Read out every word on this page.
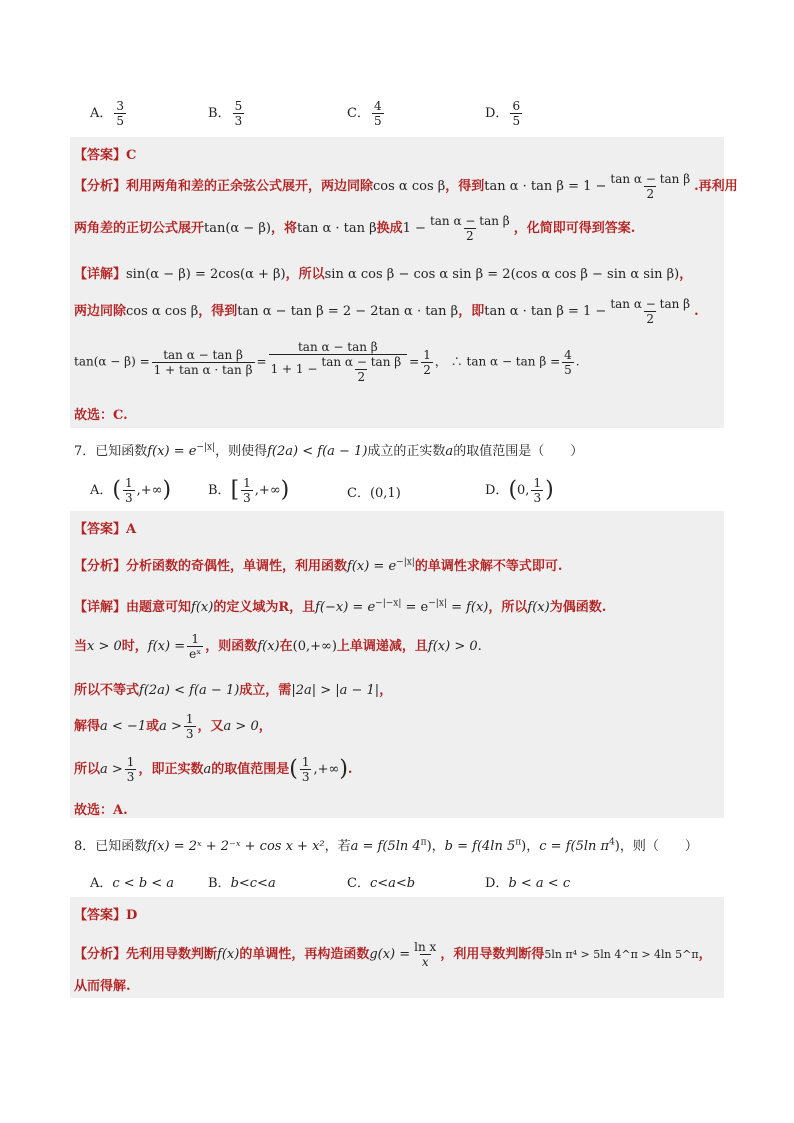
A． $\frac{3}{5}$	B． $\frac{5}{3}$	C． $\frac{4}{5}$	D． $\frac{6}{5}$
【答案】C
【分析】利用两角和差的正余弦公式展开，两边同除cos α cos β，得到$\tan \alpha \cdot \tan \beta = 1 - \frac{\text{tan α − tan β}}{2}$ .再利用
两角差的正切公式展开tan(α − β)，将tan α · tan β换成$1 - \frac{\text{tan α − tan β}}{2}$ ，化简即可得到答案.
【详解】sin(α − β) = 2cos(α + β)，所以sin α cos β − cos α sin β = 2(cos α cos β − sin α sin β)，
两边同除cos α cos β，得到tan α − tan β = 2 − 2tan α · tan β，即$\tan \alpha \cdot \tan \beta = 1 - \frac{\text{tan α − tan β}}{2}$ .
$\tan(\alpha - \beta) = \frac{\text{tan α − tan β}}{\text{1 + tan α · tan β}} = \frac{\text{tan α − tan β}}{1 + 1 - \frac{\text{tan α − tan β}}{2}} = \frac{1}{2}$ ， ∴ $\tan \alpha - \tan \beta = \frac{4}{5}$ .
故选：C.
7．已知函数$f(x) = e^{-|x|}$，则使得f(2a) < f(a − 1)成立的正实数a的取值范围是（　　）
A．( $\frac{1}{3}$ ,+∞)	B．[ $\frac{1}{3}$ ,+∞)	C．(0,1)	D．(0, $\frac{1}{3}$ )
【答案】A
【分析】分析函数的奇偶性，单调性，利用函数$f(x) = e^{-|x|}$的单调性求解不等式即可.
【详解】由题意可知f(x)的定义域为R，且$f(-x) = e^{-|-x|} = e^{-|x|} = f(x)$，所以f(x)为偶函数.
当x > 0时，$f(x) = \frac{1}{\text{eˣ}}$ ，则函数f(x)在(0,+∞)上单调递减，且f(x) > 0.
所以不等式f(2a) < f(a − 1)成立，需|2a| > |a − 1|，
解得a < −1或$a > \frac{1}{3}$ ，又a > 0，
所以$a > \frac{1}{3}$ ，即正实数a的取值范围是( $\frac{1}{3}$ ,+∞).
故选：A.
8．已知函数f(x) = 2ˣ + 2⁻ˣ + cos x + x²，若a = f(5ln $4^\pi$)，b = f(4ln $5^\pi$)，c = f(5ln $\pi^4$)，则（　　）
A．c < b < a	B．b<c<a	C．c<a<b	D．b < a < c
【答案】D
【分析】先利用导数判断f(x)的单调性，再构造函数$g(x) = \frac{\text{ln x}}{x}$ ，利用导数判断得5ln π⁴ > 5ln 4^π > 4ln 5^π，
从而得解.
